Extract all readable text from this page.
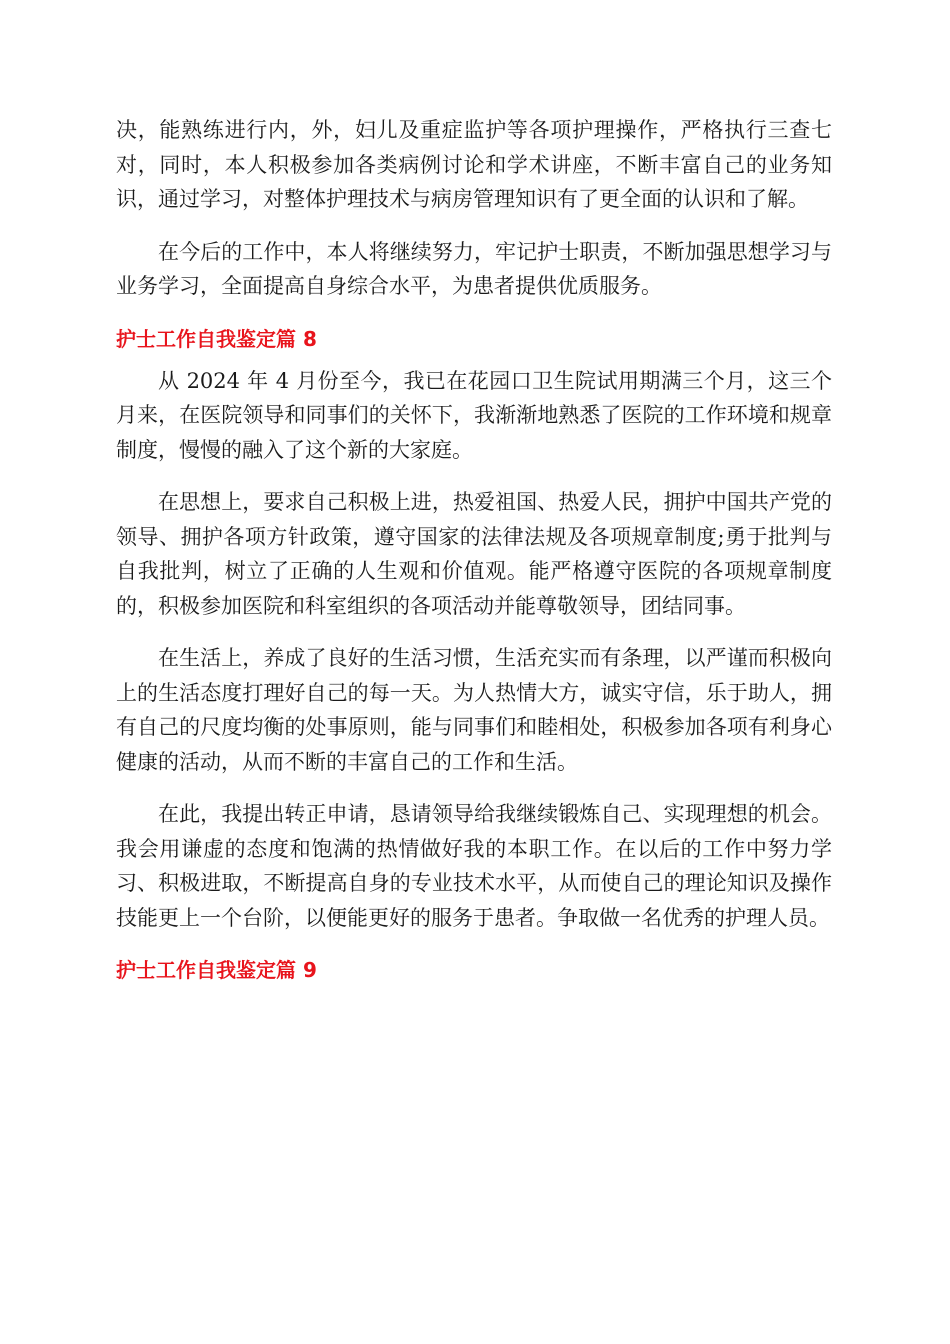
决，能熟练进行内，外，妇儿及重症监护等各项护理操作，严格执行三查七对，同时，本人积极参加各类病例讨论和学术讲座，不断丰富自己的业务知识，通过学习，对整体护理技术与病房管理知识有了更全面的认识和了解。

在今后的工作中，本人将继续努力，牢记护士职责，不断加强思想学习与业务学习，全面提高自身综合水平，为患者提供优质服务。

护士工作自我鉴定篇 8

从 2024 年 4 月份至今，我已在花园口卫生院试用期满三个月，这三个月来，在医院领导和同事们的关怀下，我渐渐地熟悉了医院的工作环境和规章制度，慢慢的融入了这个新的大家庭。

在思想上，要求自己积极上进，热爱祖国、热爱人民，拥护中国共产党的领导、拥护各项方针政策，遵守国家的法律法规及各项规章制度;勇于批判与自我批判，树立了正确的人生观和价值观。能严格遵守医院的各项规章制度的，积极参加医院和科室组织的各项活动并能尊敬领导，团结同事。

在生活上，养成了良好的生活习惯，生活充实而有条理，以严谨而积极向上的生活态度打理好自己的每一天。为人热情大方，诚实守信，乐于助人，拥有自己的尺度均衡的处事原则，能与同事们和睦相处，积极参加各项有利身心健康的活动，从而不断的丰富自己的工作和生活。

在此，我提出转正申请，恳请领导给我继续锻炼自己、实现理想的机会。我会用谦虚的态度和饱满的热情做好我的本职工作。在以后的工作中努力学习、积极进取，不断提高自身的专业技术水平，从而使自己的理论知识及操作技能更上一个台阶，以便能更好的服务于患者。争取做一名优秀的护理人员。

护士工作自我鉴定篇 9
